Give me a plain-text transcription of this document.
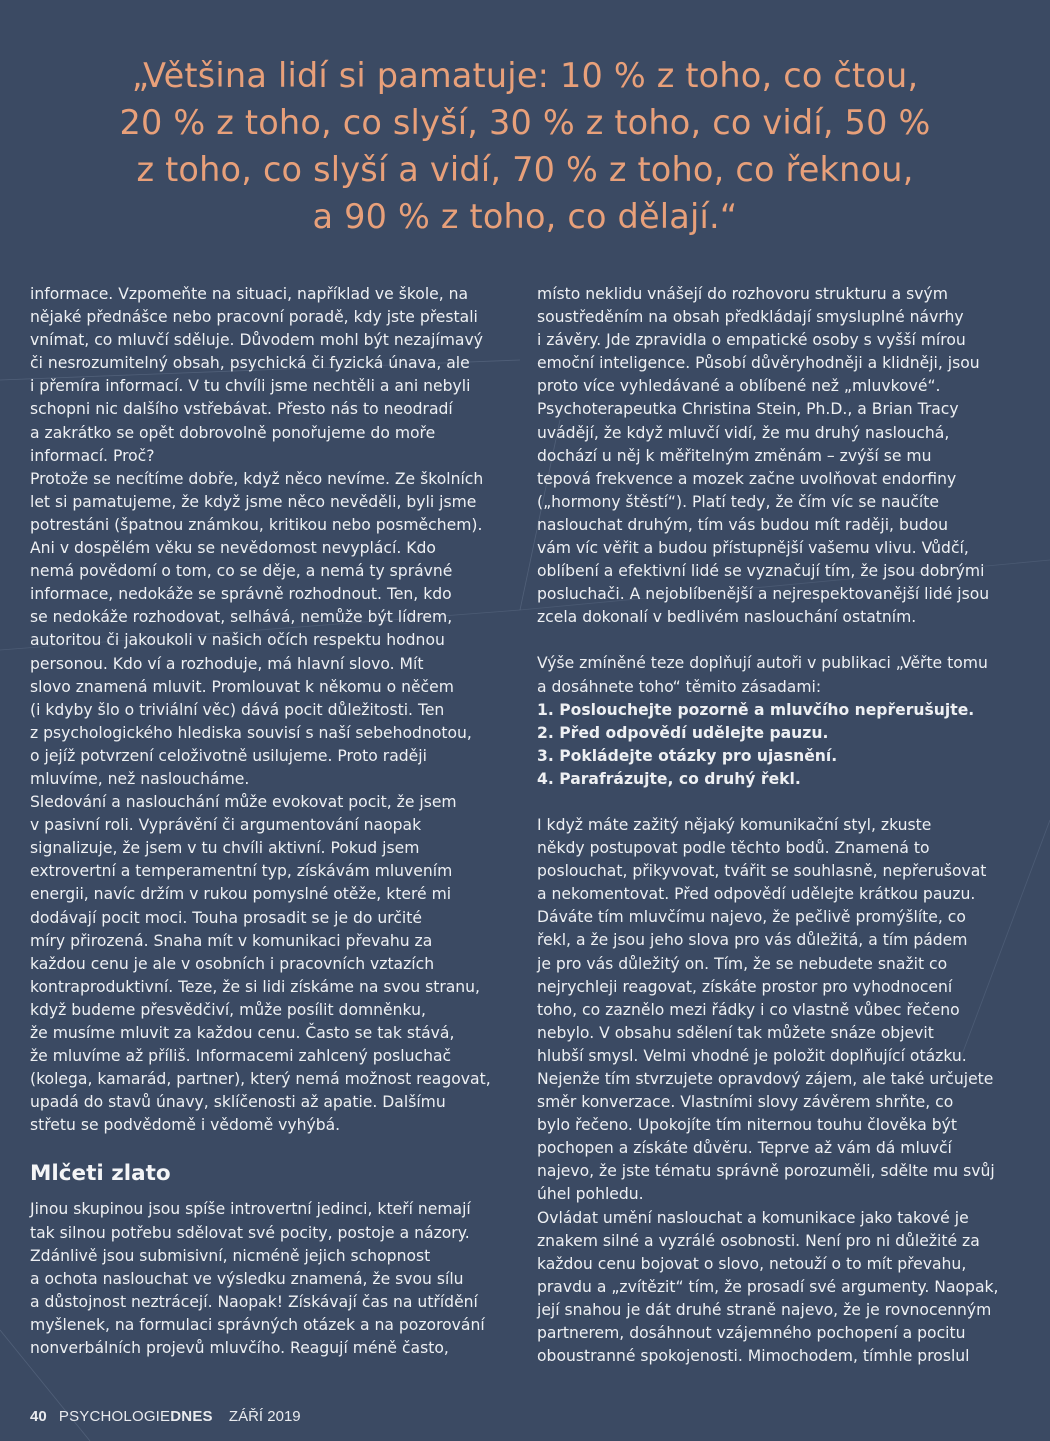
„Většina lidí si pamatuje: 10 % z toho, co čtou,
20 % z toho, co slyší, 30 % z toho, co vidí, 50 %
z toho, co slyší a vidí, 70 % z toho, co řeknou,
a 90 % z toho, co dělají.“
informace. Vzpomeňte na situaci, například ve škole, na
nějaké přednášce nebo pracovní poradě, kdy jste přestali
vnímat, co mluvčí sděluje. Důvodem mohl být nezajímavý
či nesrozumitelný obsah, psychická či fyzická únava, ale
i přemíra informací. V tu chvíli jsme nechtěli a ani nebyli
schopni nic dalšího vstřebávat. Přesto nás to neodradí
a zakrátko se opět dobrovolně ponořujeme do moře
informací. Proč?
Protože se necítíme dobře, když něco nevíme. Ze školních
let si pamatujeme, že když jsme něco nevěděli, byli jsme
potrestáni (špatnou známkou, kritikou nebo posměchem).
Ani v dospělém věku se nevědomost nevyplácí. Kdo
nemá povědomí o tom, co se děje, a nemá ty správné
informace, nedokáže se správně rozhodnout. Ten, kdo
se nedokáže rozhodovat, selhává, nemůže být lídrem,
autoritou či jakoukoli v našich očích respektu hodnou
personou. Kdo ví a rozhoduje, má hlavní slovo. Mít
slovo znamená mluvit. Promlouvat k někomu o něčem
(i kdyby šlo o triviální věc) dává pocit důležitosti. Ten
z psychologického hlediska souvisí s naší sebehodnotou,
o jejíž potvrzení celoživotně usilujeme. Proto raději
mluvíme, než nasloucháme.
Sledování a naslouchání může evokovat pocit, že jsem
v pasivní roli. Vyprávění či argumentování naopak
signalizuje, že jsem v tu chvíli aktivní. Pokud jsem
extrovertní a temperamentní typ, získávám mluvením
energii, navíc držím v rukou pomyslné otěže, které mi
dodávají pocit moci. Touha prosadit se je do určité
míry přirozená. Snaha mít v komunikaci převahu za
každou cenu je ale v osobních i pracovních vztazích
kontraproduktivní. Teze, že si lidi získáme na svou stranu,
když budeme přesvědčiví, může posílit domněnku,
že musíme mluvit za každou cenu. Často se tak stává,
že mluvíme až příliš. Informacemi zahlcený posluchač
(kolega, kamarád, partner), který nemá možnost reagovat,
upadá do stavů únavy, sklíčenosti až apatie. Dalšímu
střetu se podvědomě i vědomě vyhýbá.
Mlčeti zlato
Jinou skupinou jsou spíše introvertní jedinci, kteří nemají
tak silnou potřebu sdělovat své pocity, postoje a názory.
Zdánlivě jsou submisivní, nicméně jejich schopnost
a ochota naslouchat ve výsledku znamená, že svou sílu
a důstojnost neztrácejí. Naopak! Získávají čas na utřídění
myšlenek, na formulaci správných otázek a na pozorování
nonverbálních projevů mluvčího. Reagují méně často,
místo neklidu vnášejí do rozhovoru strukturu a svým
soustředěním na obsah předkládají smysluplné návrhy
i závěry. Jde zpravidla o empatické osoby s vyšší mírou
emoční inteligence. Působí důvěryhodněji a klidněji, jsou
proto více vyhledávané a oblíbené než „mluvkové“.
Psychoterapeutka Christina Stein, Ph.D., a Brian Tracy
uvádějí, že když mluvčí vidí, že mu druhý naslouchá,
dochází u něj k měřitelným změnám – zvýší se mu
tepová frekvence a mozek začne uvolňovat endorfiny
(„hormony štěstí“). Platí tedy, že čím víc se naučíte
naslouchat druhým, tím vás budou mít raději, budou
vám víc věřit a budou přístupnější vašemu vlivu. Vůdčí,
oblíbení a efektivní lidé se vyznačují tím, že jsou dobrými
posluchači. A nejoblíbenější a nejrespektovanější lidé jsou
zcela dokonalí v bedlivém naslouchání ostatním.
Výše zmíněné teze doplňují autoři v publikaci „Věřte tomu
a dosáhnete toho“ těmito zásadami:
1. Poslouchejte pozorně a mluvčího nepřerušujte.
2. Před odpovědí udělejte pauzu.
3. Pokládejte otázky pro ujasnění.
4. Parafrázujte, co druhý řekl.
I když máte zažitý nějaký komunikační styl, zkuste
někdy postupovat podle těchto bodů. Znamená to
poslouchat, přikyvovat, tvářit se souhlasně, nepřerušovat
a nekomentovat. Před odpovědí udělejte krátkou pauzu.
Dáváte tím mluvčímu najevo, že pečlivě promýšlíte, co
řekl, a že jsou jeho slova pro vás důležitá, a tím pádem
je pro vás důležitý on. Tím, že se nebudete snažit co
nejrychleji reagovat, získáte prostor pro vyhodnocení
toho, co zaznělo mezi řádky i co vlastně vůbec řečeno
nebylo. V obsahu sdělení tak můžete snáze objevit
hlubší smysl. Velmi vhodné je položit doplňující otázku.
Nejenže tím stvrzujete opravdový zájem, ale také určujete
směr konverzace. Vlastními slovy závěrem shrňte, co
bylo řečeno. Upokojíte tím niternou touhu člověka být
pochopen a získáte důvěru. Teprve až vám dá mluvčí
najevo, že jste tématu správně porozuměli, sdělte mu svůj
úhel pohledu.
Ovládat umění naslouchat a komunikace jako takové je
znakem silné a vyzrálé osobnosti. Není pro ni důležité za
každou cenu bojovat o slovo, netouží o to mít převahu,
pravdu a „zvítězit“ tím, že prosadí své argumenty. Naopak,
její snahou je dát druhé straně najevo, že je rovnocenným
partnerem, dosáhnout vzájemného pochopení a pocitu
oboustranné spokojenosti. Mimochodem, tímhle proslul
40 PSYCHOLOGIEDNES ZÁŘÍ 2019
